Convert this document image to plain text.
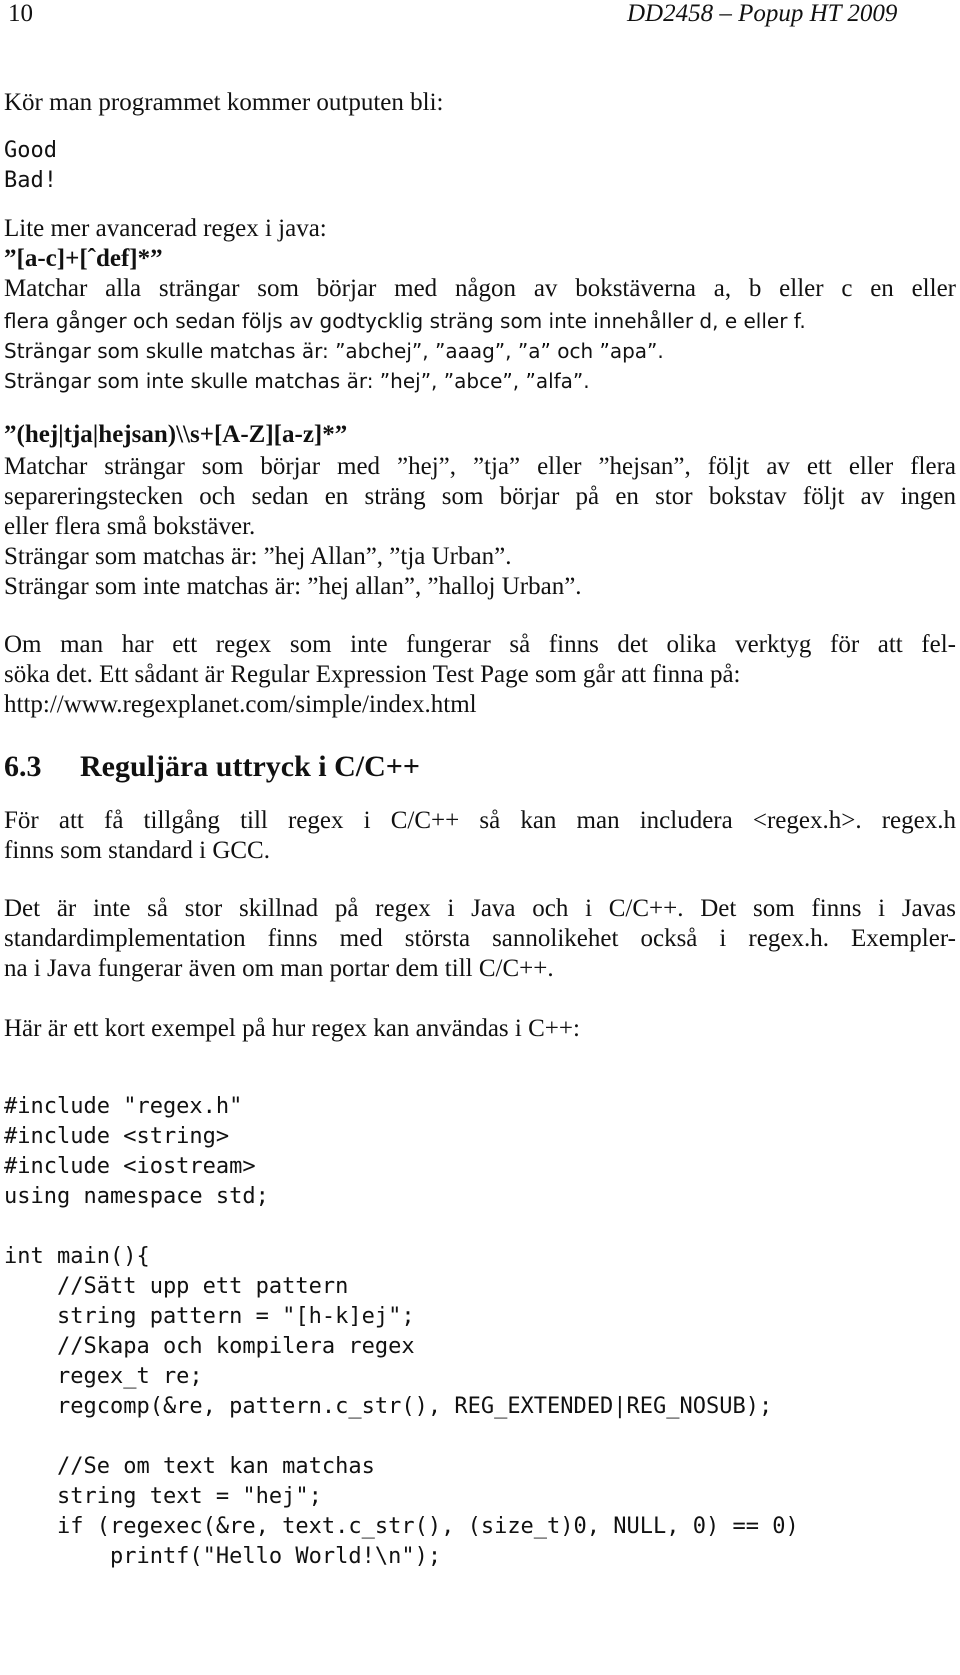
10	DD2458 – Popup HT 2009
Kör man programmet kommer outputen bli:
Good
Bad!
Lite mer avancerad regex i java:
”[a-c]+[ˆdef]*”
Matchar alla strängar som börjar med någon av bokstäverna a, b eller c en eller
flera gånger och sedan följs av godtycklig sträng som inte innehåller d, e eller f.
Strängar som skulle matchas är: ”abchej”, ”aaag”, ”a” och ”apa”.
Strängar som inte skulle matchas är: ”hej”, ”abce”, ”alfa”.
”(hej|tja|hejsan)\\s+[A-Z][a-z]*”
Matchar strängar som börjar med ”hej”, ”tja” eller ”hejsan”, följt av ett eller flera
separeringstecken och sedan en sträng som börjar på en stor bokstav följt av ingen
eller flera små bokstäver.
Strängar som matchas är: ”hej Allan”, ”tja Urban”.
Strängar som inte matchas är: ”hej allan”, ”halloj Urban”.
Om man har ett regex som inte fungerar så finns det olika verktyg för att fel-
söka det. Ett sådant är Regular Expression Test Page som går att finna på:
http://www.regexplanet.com/simple/index.html
6.3 Reguljära uttryck i C/C++
För att få tillgång till regex i C/C++ så kan man includera <regex.h>. regex.h
finns som standard i GCC.
Det är inte så stor skillnad på regex i Java och i C/C++. Det som finns i Javas
standardimplementation finns med största sannolikehet också i regex.h. Exempler-
na i Java fungerar även om man portar dem till C/C++.
Här är ett kort exempel på hur regex kan användas i C++:
#include "regex.h"
#include <string>
#include <iostream>
using namespace std;
int main(){
//Sätt upp ett pattern
string pattern = "[h-k]ej";
//Skapa och kompilera regex
regex_t re;
regcomp(&re, pattern.c_str(), REG_EXTENDED|REG_NOSUB);
//Se om text kan matchas
string text = "hej";
if (regexec(&re, text.c_str(), (size_t)0, NULL, 0) == 0)
printf("Hello World!\n");
